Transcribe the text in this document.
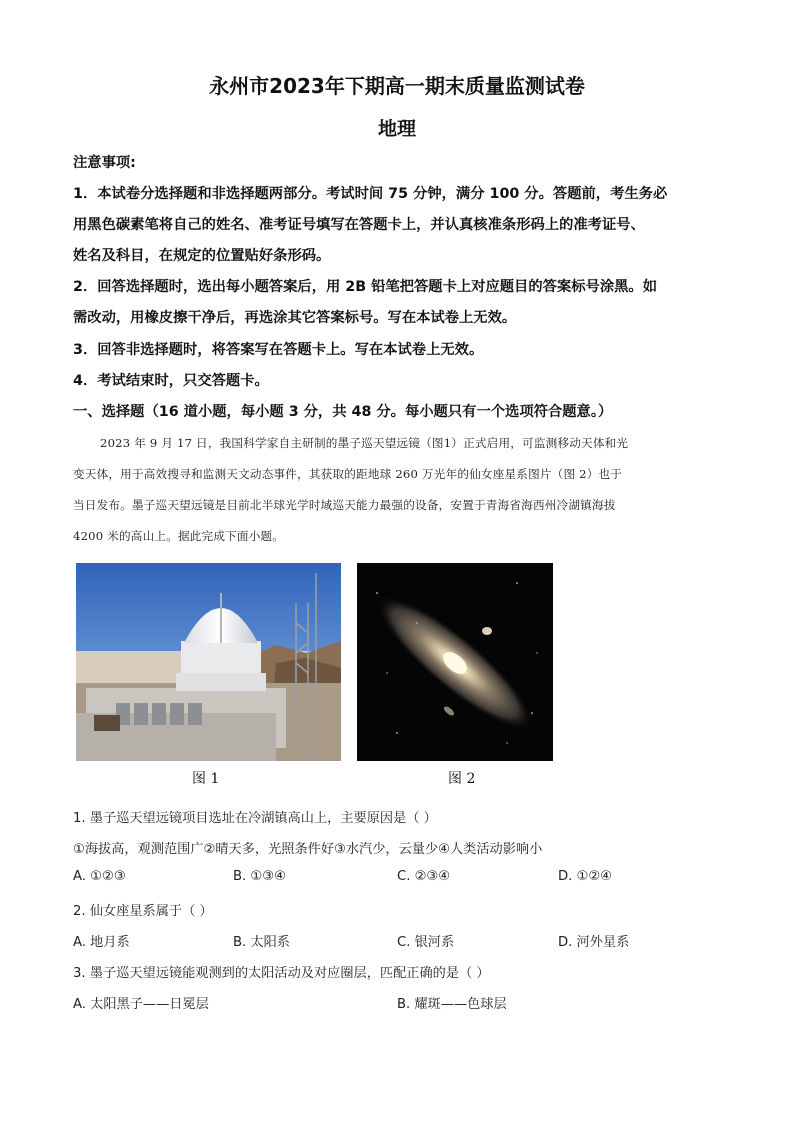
永州市2023年下期高一期末质量监测试卷
地理
注意事项:
1．本试卷分选择题和非选择题两部分。考试时间 75 分钟，满分 100 分。答题前，考生务必
用黑色碳素笔将自己的姓名、准考证号填写在答题卡上，并认真核准条形码上的准考证号、
姓名及科目，在规定的位置贴好条形码。
2．回答选择题时，选出每小题答案后，用 2B 铅笔把答题卡上对应题目的答案标号涂黑。如
需改动，用橡皮擦干净后，再选涂其它答案标号。写在本试卷上无效。
3．回答非选择题时，将答案写在答题卡上。写在本试卷上无效。
4．考试结束时，只交答题卡。
一、选择题（16 道小题，每小题 3 分，共 48 分。每小题只有一个选项符合题意。）
2023 年 9 月 17 日，我国科学家自主研制的墨子巡天望远镜（图1）正式启用，可监测移动天体和光
变天体，用于高效搜寻和监测天文动态事件，其获取的距地球 260 万光年的仙女座星系图片（图 2）也于
当日发布。墨子巡天望远镜是目前北半球光学时域巡天能力最强的设备，安置于青海省海西州冷湖镇海拔
4200 米的高山上。据此完成下面小题。
图 1	图 2
1. 墨子巡天望远镜项目选址在冷湖镇高山上，主要原因是（ ）
①海拔高，观测范围广②晴天多，光照条件好③水汽少，云量少④人类活动影响小
A. ①②③	B. ①③④	C. ②③④	D. ①②④
2. 仙女座星系属于（ ）
A. 地月系	B. 太阳系	C. 银河系	D. 河外星系
3. 墨子巡天望远镜能观测到的太阳活动及对应圈层，匹配正确的是（ ）
A. 太阳黑子——日冕层	B. 耀斑——色球层
